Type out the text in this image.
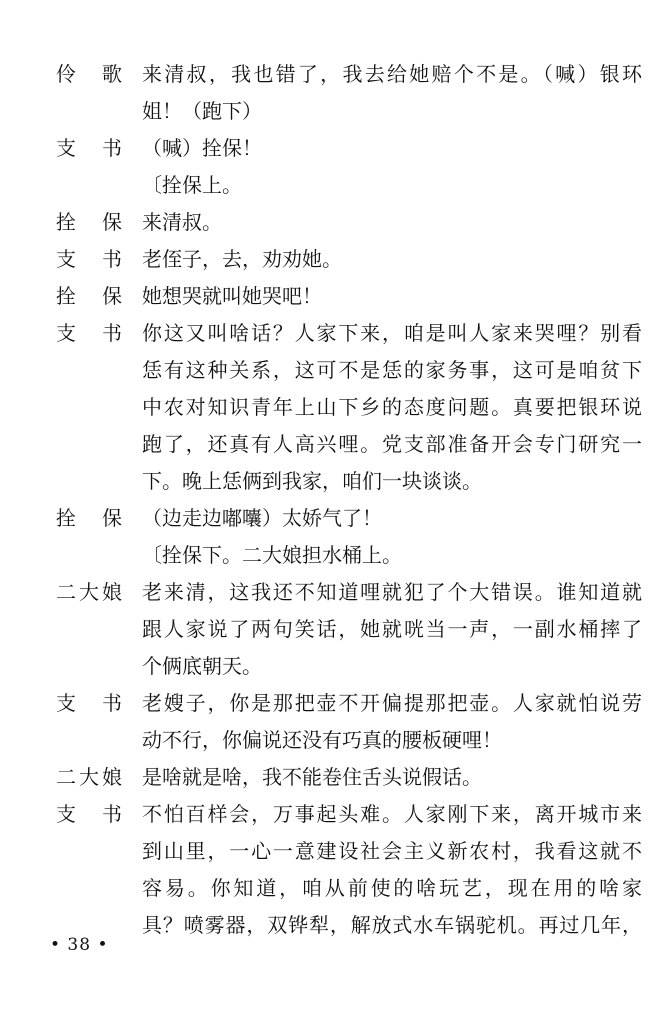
伶 歌 来清叔，我也错了，我去给她赔个不是。（喊）银环
姐！（跑下）
支 书 （喊）拴保！
〔拴保上。
拴 保 来清叔。
支 书 老侄子，去，劝劝她。
拴 保 她想哭就叫她哭吧！
支 书 你这又叫啥话？人家下来，咱是叫人家来哭哩？别看
恁有这种关系，这可不是恁的家务事，这可是咱贫下
中农对知识青年上山下乡的态度问题。真要把银环说
跑了，还真有人高兴哩。党支部准备开会专门研究一
下。晚上恁俩到我家，咱们一块谈谈。
拴 保 （边走边嘟囔）太娇气了！
〔拴保下。二大娘担水桶上。
二 大 娘 老来清，这我还不知道哩就犯了个大错误。谁知道就
跟人家说了两句笑话，她就咣当一声，一副水桶摔了
个俩底朝天。
支 书 老嫂子，你是那把壶不开偏提那把壶。人家就怕说劳
动不行，你偏说还没有巧真的腰板硬哩！
二 大 娘 是啥就是啥，我不能卷住舌头说假话。
支 书 不怕百样会，万事起头难。人家刚下来，离开城市来
到山里，一心一意建设社会主义新农村，我看这就不
容易。你知道，咱从前使的啥玩艺，现在用的啥家
具？喷雾器，双铧犁，解放式水车锅驼机。再过几年，
• 38 •
